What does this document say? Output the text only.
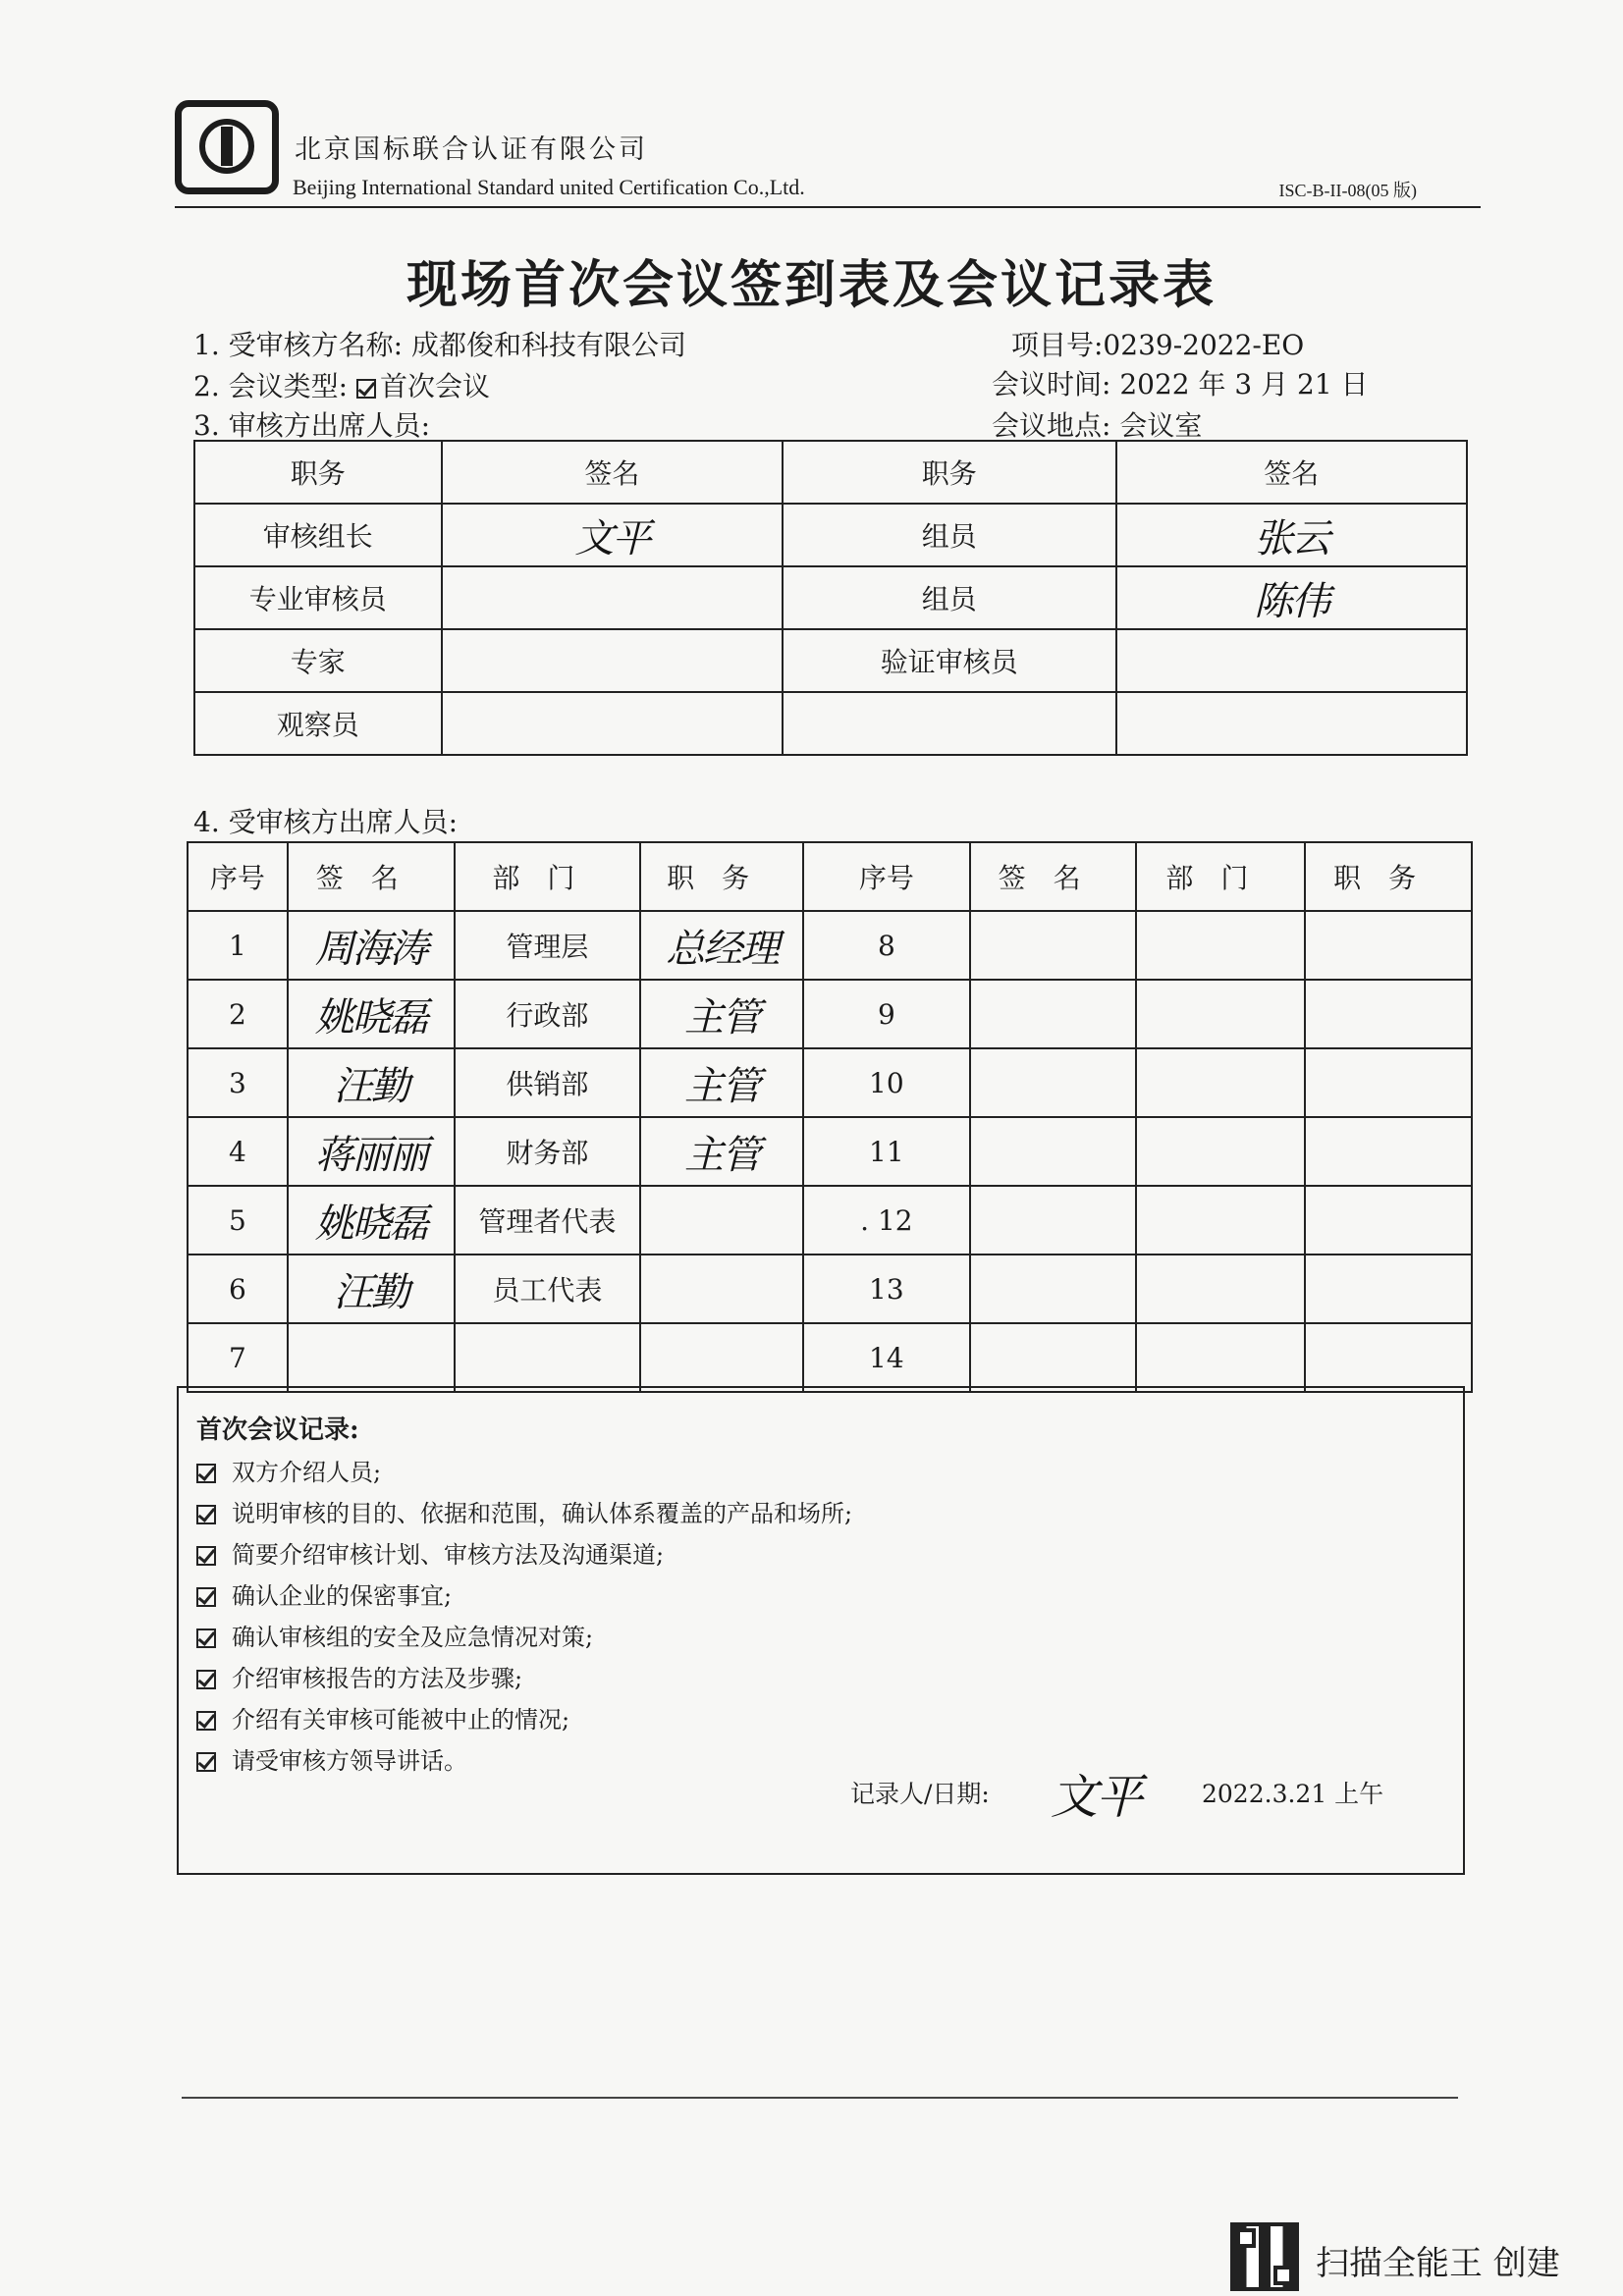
北京国标联合认证有限公司
Beijing International Standard united Certification Co.,Ltd.	ISC-B-II-08(05 版)
现场首次会议签到表及会议记录表
1. 受审核方名称: 成都俊和科技有限公司	项目号:0239-2022-EO
2. 会议类型: 首次会议	会议时间: 2022 年 3 月 21 日
3. 审核方出席人员:	会议地点: 会议室
职务	签名	职务	签名
审核组长	文平	组员	张云
专业审核员		组员	陈伟
专家		验证审核员	
观察员			
4. 受审核方出席人员:
序号	签名	部门	职务	序号	签名	部门	职务
1	周海涛	管理层	总经理	8			
2	姚晓磊	行政部	主管	9			
3	汪勤	供销部	主管	10			
4	蒋丽丽	财务部	主管	11			
5	姚晓磊	管理者代表		. 12			
6	汪勤	员工代表		13			
7				14			
首次会议记录:
双方介绍人员;
说明审核的目的、依据和范围，确认体系覆盖的产品和场所;
简要介绍审核计划、审核方法及沟通渠道;
确认企业的保密事宜;
确认审核组的安全及应急情况对策;
介绍审核报告的方法及步骤;
介绍有关审核可能被中止的情况;
请受审核方领导讲话。
记录人/日期: 文平 2022.3.21 上午
扫描全能王 创建
